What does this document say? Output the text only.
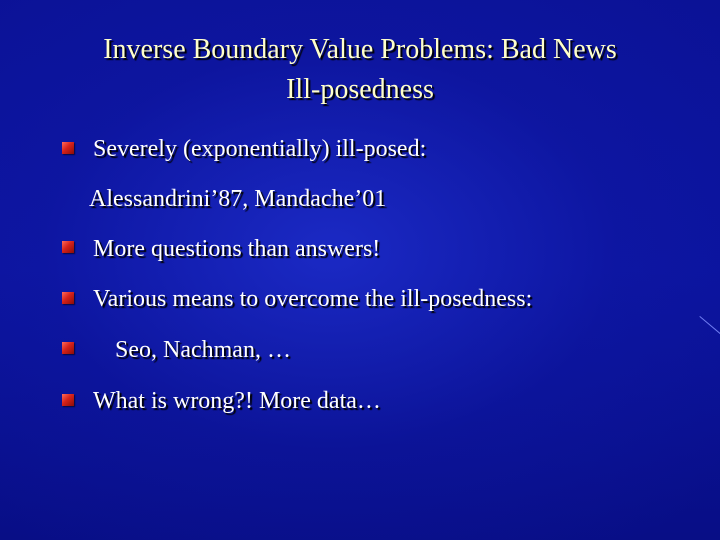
Inverse Boundary Value Problems: Bad News
Ill-posedness
Severely (exponentially) ill-posed:
Alessandrini’87, Mandache’01
More questions than answers!
Various means to overcome the ill-posedness:
Seo, Nachman, …
What is wrong?! More data…
